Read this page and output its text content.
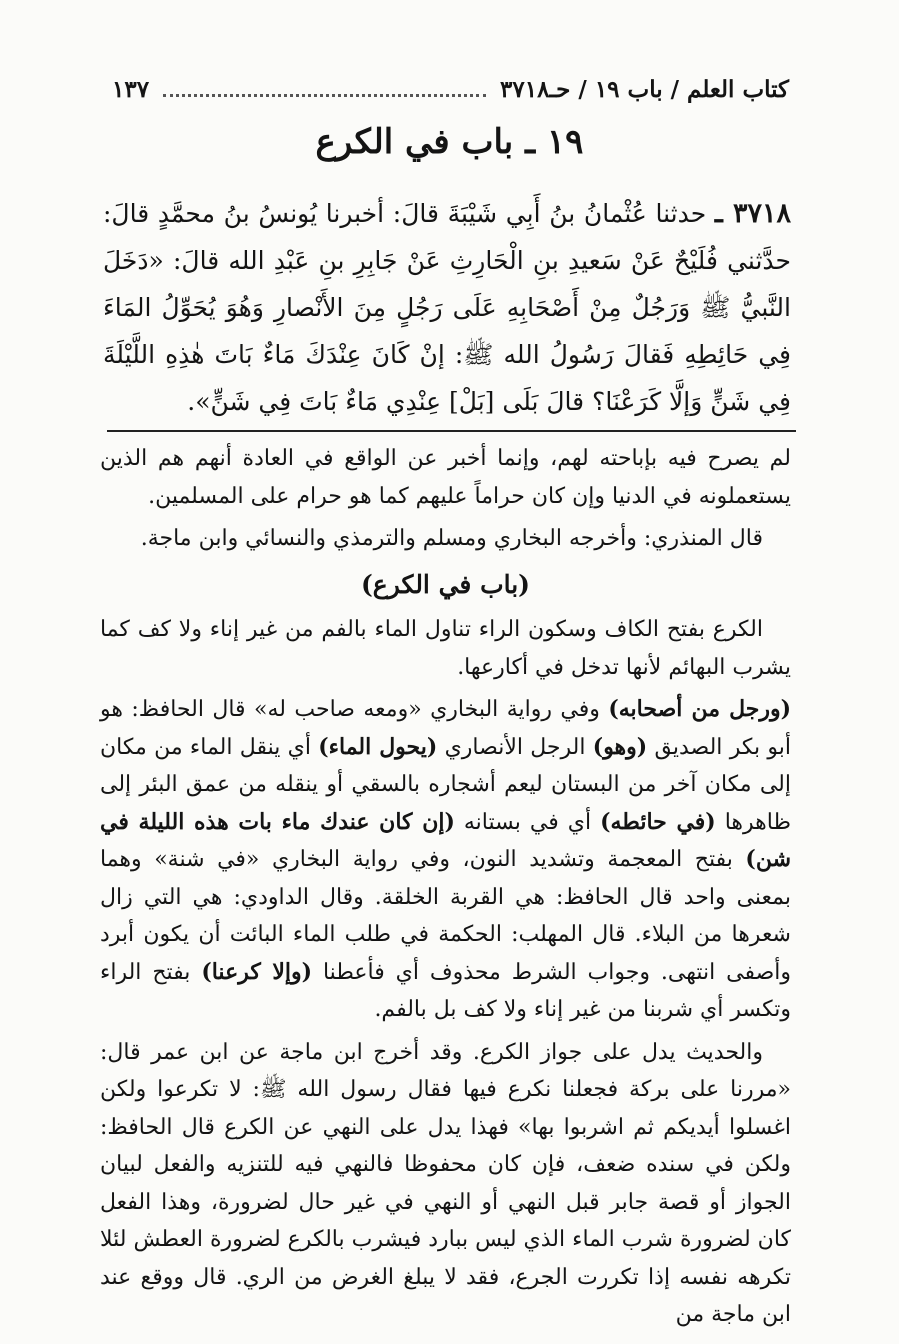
كتاب العلم / باب ١٩ / حـ٣٧١٨
١٣٧
١٩ ـ باب في الكرع
٣٧١٨ ـ حدثنا عُثْمانُ بنُ أَبِي شَيْبَةَ قالَ: أخبرنا يُونسُ بنُ محمَّدٍ قالَ: حدَّثني فُلَيْحٌ عَنْ سَعيدِ بنِ الْحَارِثِ عَنْ جَابِرِ بنِ عَبْدِ الله قالَ: «دَخَلَ النَّبيُّ ﷺ وَرَجُلٌ مِنْ أَصْحَابِهِ عَلَى رَجُلٍ مِنَ الأَنْصارِ وَهُوَ يُحَوِّلُ المَاءَ فِي حَائِطِهِ فَقالَ رَسُولُ الله ﷺ: إنْ كَانَ عِنْدَكَ مَاءٌ بَاتَ هٰذِهِ اللَّيْلَةَ فِي شَنٍّ وَإلَّا كَرَعْنَا؟ قالَ بَلَى [بَلْ] عِنْدِي مَاءٌ بَاتَ فِي شَنٍّ».

لم يصرح فيه بإباحته لهم، وإنما أخبر عن الواقع في العادة أنهم هم الذين يستعملونه في الدنيا وإن كان حراماً عليهم كما هو حرام على المسلمين.

قال المنذري: وأخرجه البخاري ومسلم والترمذي والنسائي وابن ماجة.

(باب في الكرع)

الكرع بفتح الكاف وسكون الراء تناول الماء بالفم من غير إناء ولا كف كما يشرب البهائم لأنها تدخل في أكارعها.

(ورجل من أصحابه) وفي رواية البخاري «ومعه صاحب له» قال الحافظ: هو أبو بكر الصديق (وهو) الرجل الأنصاري (يحول الماء) أي ينقل الماء من مكان إلى مكان آخر من البستان ليعم أشجاره بالسقي أو ينقله من عمق البئر إلى ظاهرها (في حائطه) أي في بستانه (إن كان عندك ماء بات هذه الليلة في شن) بفتح المعجمة وتشديد النون، وفي رواية البخاري «في شنة» وهما بمعنى واحد قال الحافظ: هي القربة الخلقة. وقال الداودي: هي التي زال شعرها من البلاء. قال المهلب: الحكمة في طلب الماء البائت أن يكون أبرد وأصفى انتهى. وجواب الشرط محذوف أي فأعطنا (وإلا كرعنا) بفتح الراء وتكسر أي شربنا من غير إناء ولا كف بل بالفم.

والحديث يدل على جواز الكرع. وقد أخرج ابن ماجة عن ابن عمر قال: «مررنا على بركة فجعلنا نكرع فيها فقال رسول الله ﷺ: لا تكرعوا ولكن اغسلوا أيديكم ثم اشربوا بها» فهذا يدل على النهي عن الكرع قال الحافظ: ولكن في سنده ضعف، فإن كان محفوظا فالنهي فيه للتنزيه والفعل لبيان الجواز أو قصة جابر قبل النهي أو النهي في غير حال لضرورة، وهذا الفعل كان لضرورة شرب الماء الذي ليس ببارد فيشرب بالكرع لضرورة العطش لئلا تكرهه نفسه إذا تكررت الجرع، فقد لا يبلغ الغرض من الري. قال ووقع عند ابن ماجة من
